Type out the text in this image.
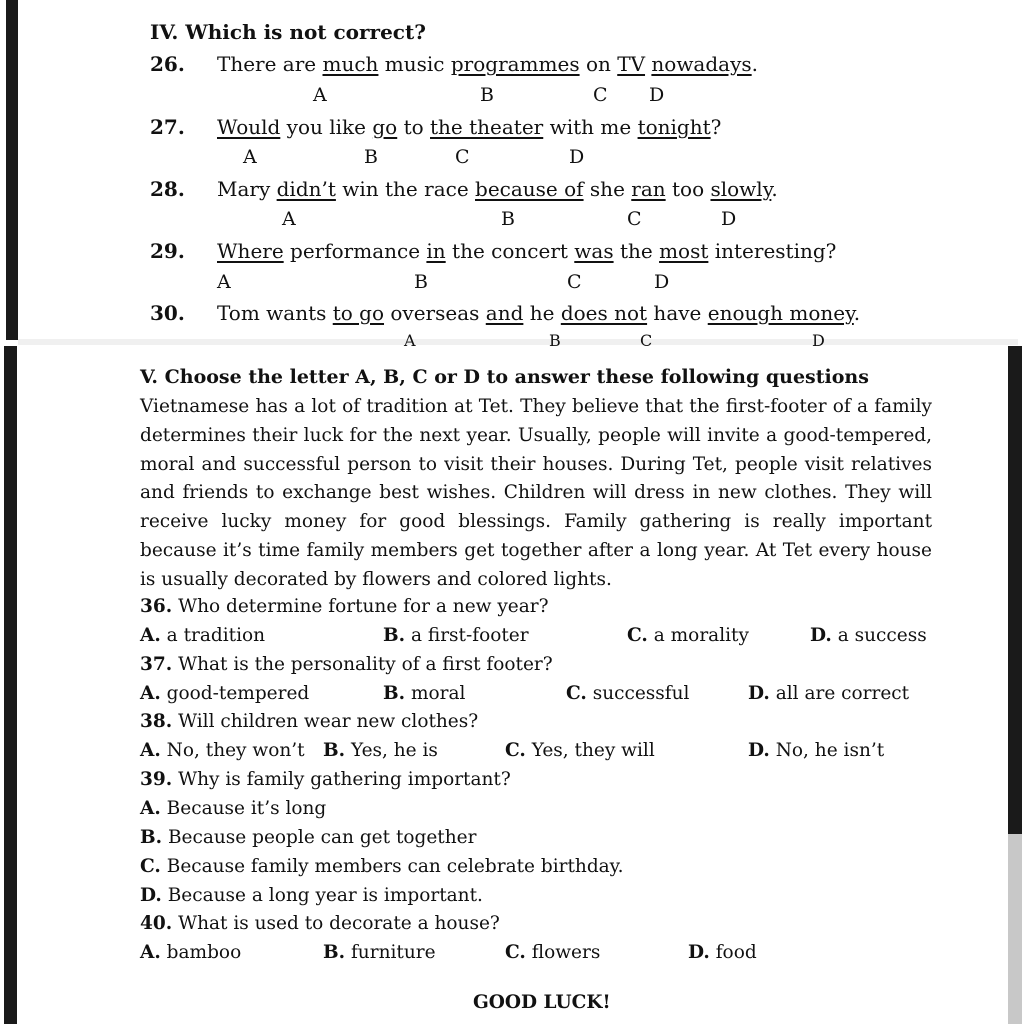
IV. Which is not correct?
26. There are much music programmes on TV nowadays.
A	B	C D
27. Would you like go to the theater with me tonight?
A	B	C	D
28. Mary didn’t win the race because of she ran too slowly.
A	B	C	D
29. Where performance in the concert was the most interesting?
A	B	C	D
30. Tom wants to go overseas and he does not have enough money.
V. Choose the letter A, B, C or D to answer these following questions
Vietnamese has a lot of tradition at Tet. They believe that the first-footer of a family determines their luck for the next year. Usually, people will invite a good-tempered, moral and successful person to visit their houses. During Tet, people visit relatives and friends to exchange best wishes. Children will dress in new clothes. They will receive lucky money for good blessings. Family gathering is really important because it’s time family members get together after a long year. At Tet every house is usually decorated by flowers and colored lights.
36. Who determine fortune for a new year?
A. a tradition	B. a first-footer	C. a morality	D. a success
37. What is the personality of a first footer?
A. good-tempered	B. moral	C. successful	D. all are correct
38. Will children wear new clothes?
A. No, they won’t B. Yes, he is	C. Yes, they will	D. No, he isn’t
39. Why is family gathering important?
A. Because it’s long
B. Because people can get together
C. Because family members can celebrate birthday.
D. Because a long year is important.
40. What is used to decorate a house?
A. bamboo	B. furniture	C. flowers	D. food
GOOD LUCK!
